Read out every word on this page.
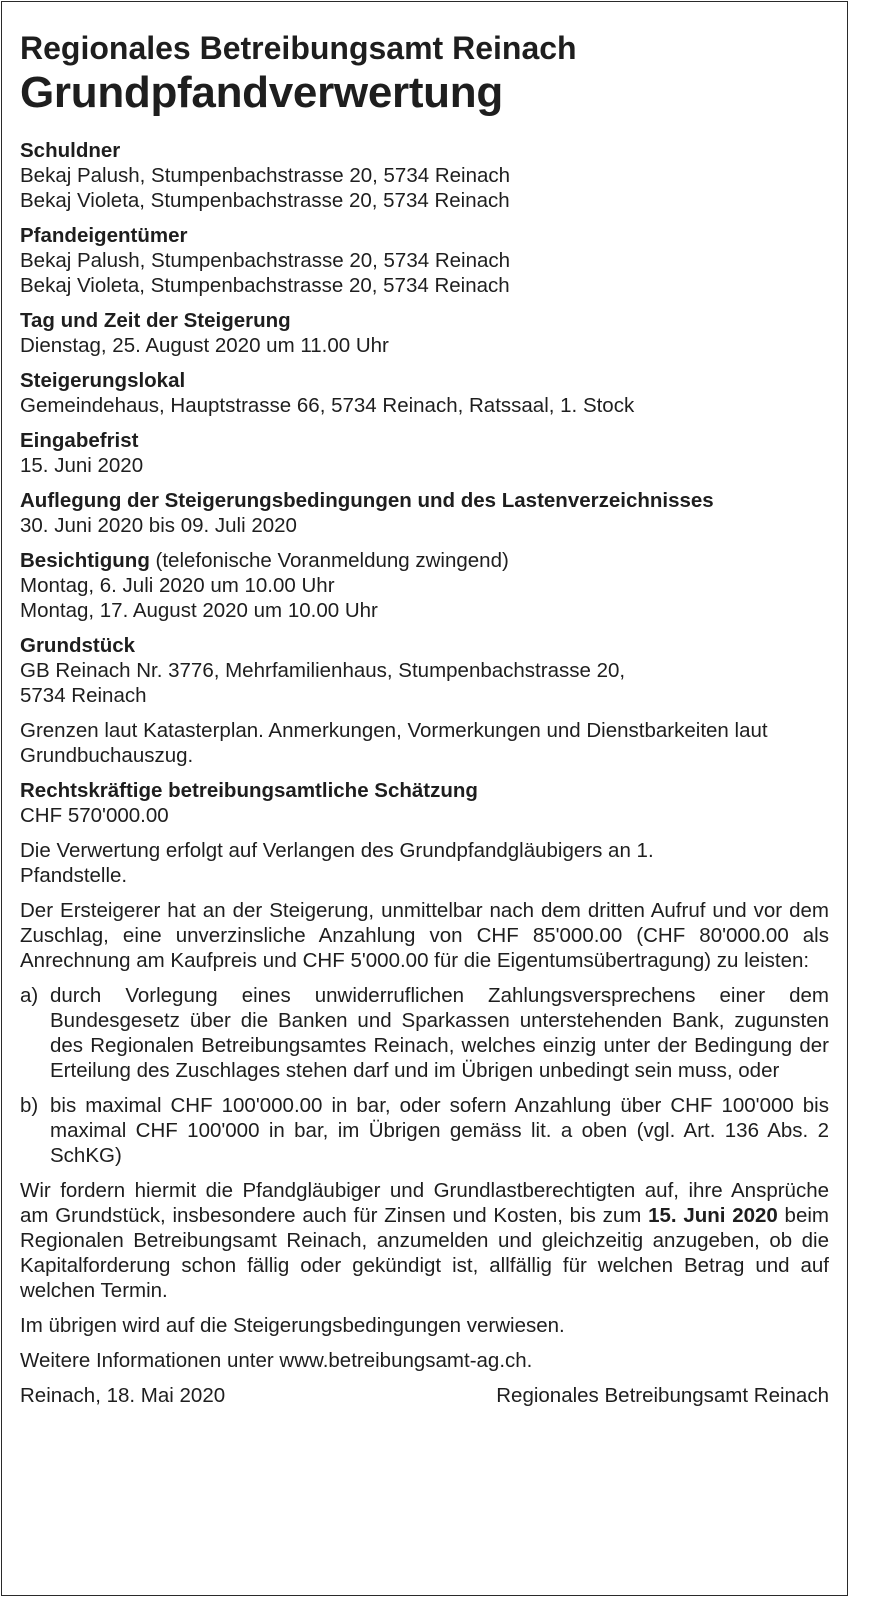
Regionales Betreibungsamt Reinach
Grundpfandverwertung

Schuldner

Bekaj Palush, Stumpenbachstrasse 20, 5734 Reinach

Bekaj Violeta, Stumpenbachstrasse 20, 5734 Reinach

Pfandeigentümer

Bekaj Palush, Stumpenbachstrasse 20, 5734 Reinach

Bekaj Violeta, Stumpenbachstrasse 20, 5734 Reinach

Tag und Zeit der Steigerung

Dienstag, 25. August 2020 um 11.00 Uhr

Steigerungslokal

Gemeindehaus, Hauptstrasse 66, 5734 Reinach, Ratssaal, 1. Stock

Eingabefrist

15. Juni 2020

Auflegung der Steigerungsbedingungen und des Lastenverzeichnisses

30. Juni 2020 bis 09. Juli 2020

Besichtigung (telefonische Voranmeldung zwingend)

Montag, 6. Juli 2020 um 10.00 Uhr

Montag, 17. August 2020 um 10.00 Uhr

Grundstück

GB Reinach Nr. 3776, Mehrfamilienhaus, Stumpenbachstrasse 20,

5734 Reinach

Grenzen laut Katasterplan. Anmerkungen, Vormerkungen und Dienstbarkeiten laut Grundbuchauszug.

Rechtskräftige betreibungsamtliche Schätzung

CHF 570'000.00

Die Verwertung erfolgt auf Verlangen des Grundpfandgläubigers an 1. Pfandstelle.

Der Ersteigerer hat an der Steigerung, unmittelbar nach dem dritten Aufruf und vor dem Zuschlag, eine unverzinsliche Anzahlung von CHF 85'000.00 (CHF 80'000.00 als Anrechnung am Kaufpreis und CHF 5'000.00 für die Eigentumsübertragung) zu leisten:

a) durch Vorlegung eines unwiderruflichen Zahlungsversprechens einer dem Bundesgesetz über die Banken und Sparkassen unterstehenden Bank, zugunsten des Regionalen Betreibungsamtes Reinach, welches einzig unter der Bedingung der Erteilung des Zuschlages stehen darf und im Übrigen unbedingt sein muss, oder
b) bis maximal CHF 100'000.00 in bar, oder sofern Anzahlung über CHF 100'000 bis maximal CHF 100'000 in bar, im Übrigen gemäss lit. a oben (vgl. Art. 136 Abs. 2 SchKG)

Wir fordern hiermit die Pfandgläubiger und Grundlastberechtigten auf, ihre Ansprüche am Grundstück, insbesondere auch für Zinsen und Kosten, bis zum 15. Juni 2020 beim Regionalen Betreibungsamt Reinach, anzumelden und gleichzeitig anzugeben, ob die Kapitalforderung schon fällig oder gekündigt ist, allfällig für welchen Betrag und auf welchen Termin.

Im übrigen wird auf die Steigerungsbedingungen verwiesen.

Weitere Informationen unter www.betreibungsamt-ag.ch.

Reinach, 18. Mai 2020	Regionales Betreibungsamt Reinach
